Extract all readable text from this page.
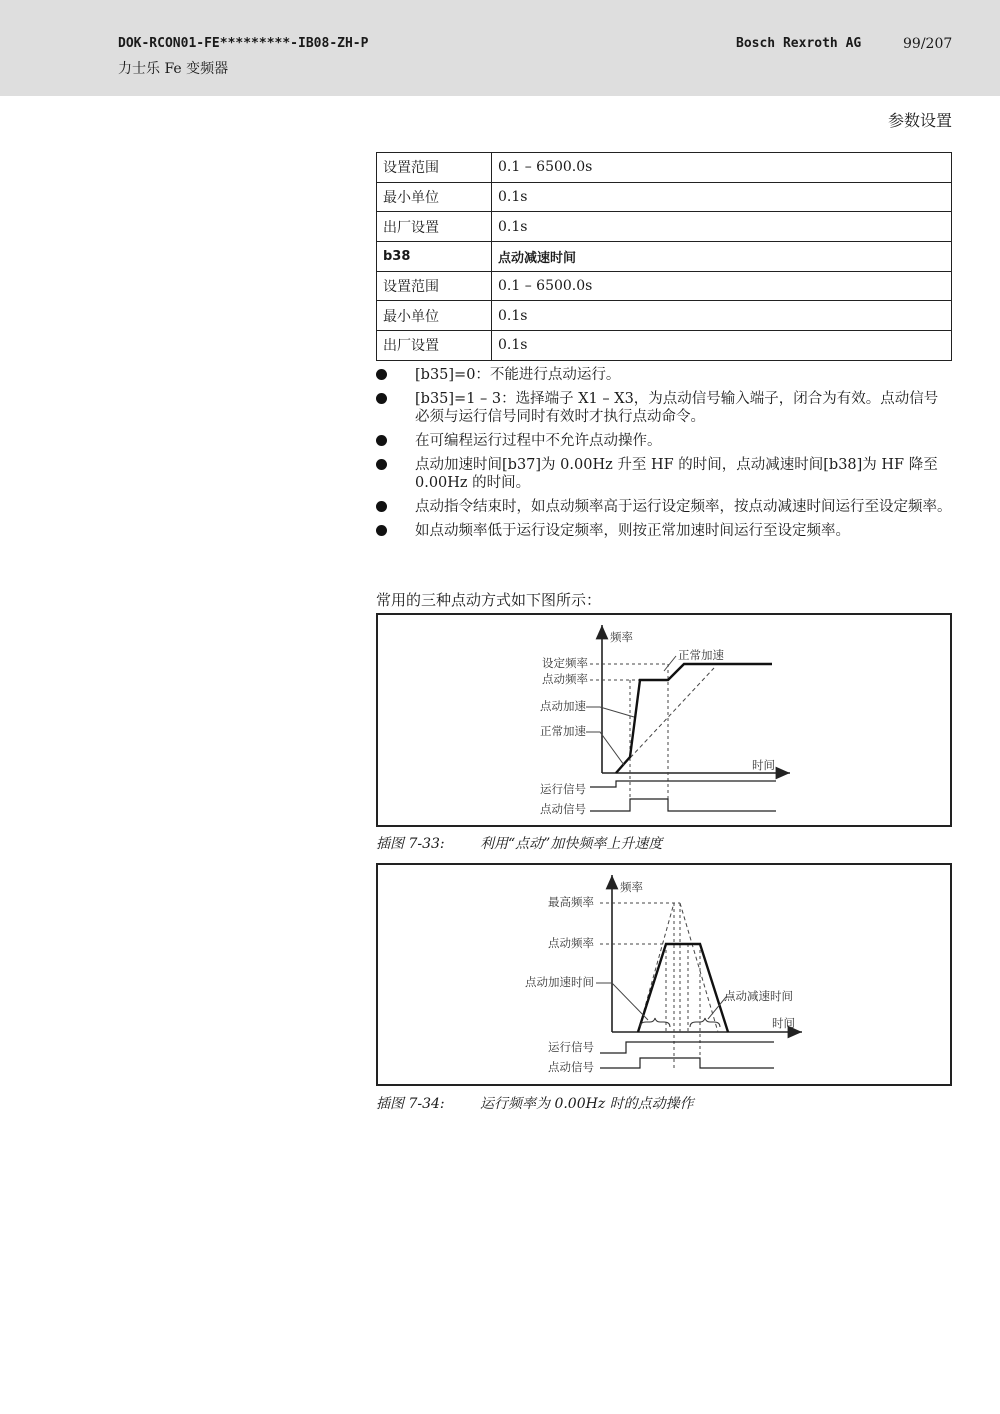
DOK-RCON01-FE*********-IB08-ZH-P
力士乐 Fe 变频器
Bosch Rexroth AG	99/207
参数设置
设置范围	0.1 – 6500.0s
最小单位	0.1s
出厂设置	0.1s
b38	点动减速时间
设置范围	0.1 – 6500.0s
最小单位	0.1s
出厂设置	0.1s
[b35]=0：不能进行点动运行。
[b35]=1 – 3：选择端子 X1 – X3，为点动信号输入端子，闭合为有效。点动信号必须与运行信号同时有效时才执行点动命令。
在可编程运行过程中不允许点动操作。
点动加速时间[b37]为 0.00Hz 升至 HF 的时间，点动减速时间[b38]为 HF 降至 0.00Hz 的时间。
点动指令结束时，如点动频率高于运行设定频率，按点动减速时间运行至设定频率。
如点动频率低于运行设定频率，则按正常加速时间运行至设定频率。
常用的三种点动方式如下图所示：
频率
正常加速
设定频率
点动频率
点动加速
正常加速
时间
运行信号
点动信号
插图 7-33:	利用“点动”加快频率上升速度
频率
最高频率
点动频率
点动加速时间
点动减速时间
时间
运行信号
点动信号
插图 7-34:	运行频率为 0.00Hz 时的点动操作
